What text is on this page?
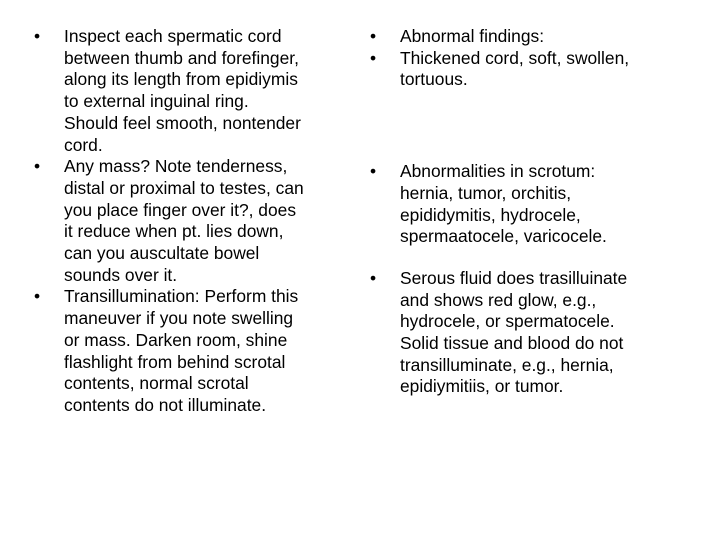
•	Inspect each spermatic cord
between thumb and forefinger,
along its length from epidiymis
to external inguinal ring.
Should feel smooth, nontender
cord.
•	Any mass? Note tenderness,
distal or proximal to testes, can
you place finger over it?, does
it reduce when pt. lies down,
can you auscultate bowel
sounds over it.
•	Transillumination: Perform this
maneuver if you note swelling
or mass. Darken room, shine
flashlight from behind scrotal
contents, normal scrotal
contents do not illuminate.
•	Abnormal findings:
•	Thickened cord, soft, swollen,
tortuous.
•	Abnormalities in scrotum:
hernia, tumor, orchitis,
epididymitis, hydrocele,
spermaatocele, varicocele.
•	Serous fluid does trasilluinate
and shows red glow, e.g.,
hydrocele, or spermatocele.
Solid tissue and blood do not
transilluminate, e.g., hernia,
epidiymitiis, or tumor.
